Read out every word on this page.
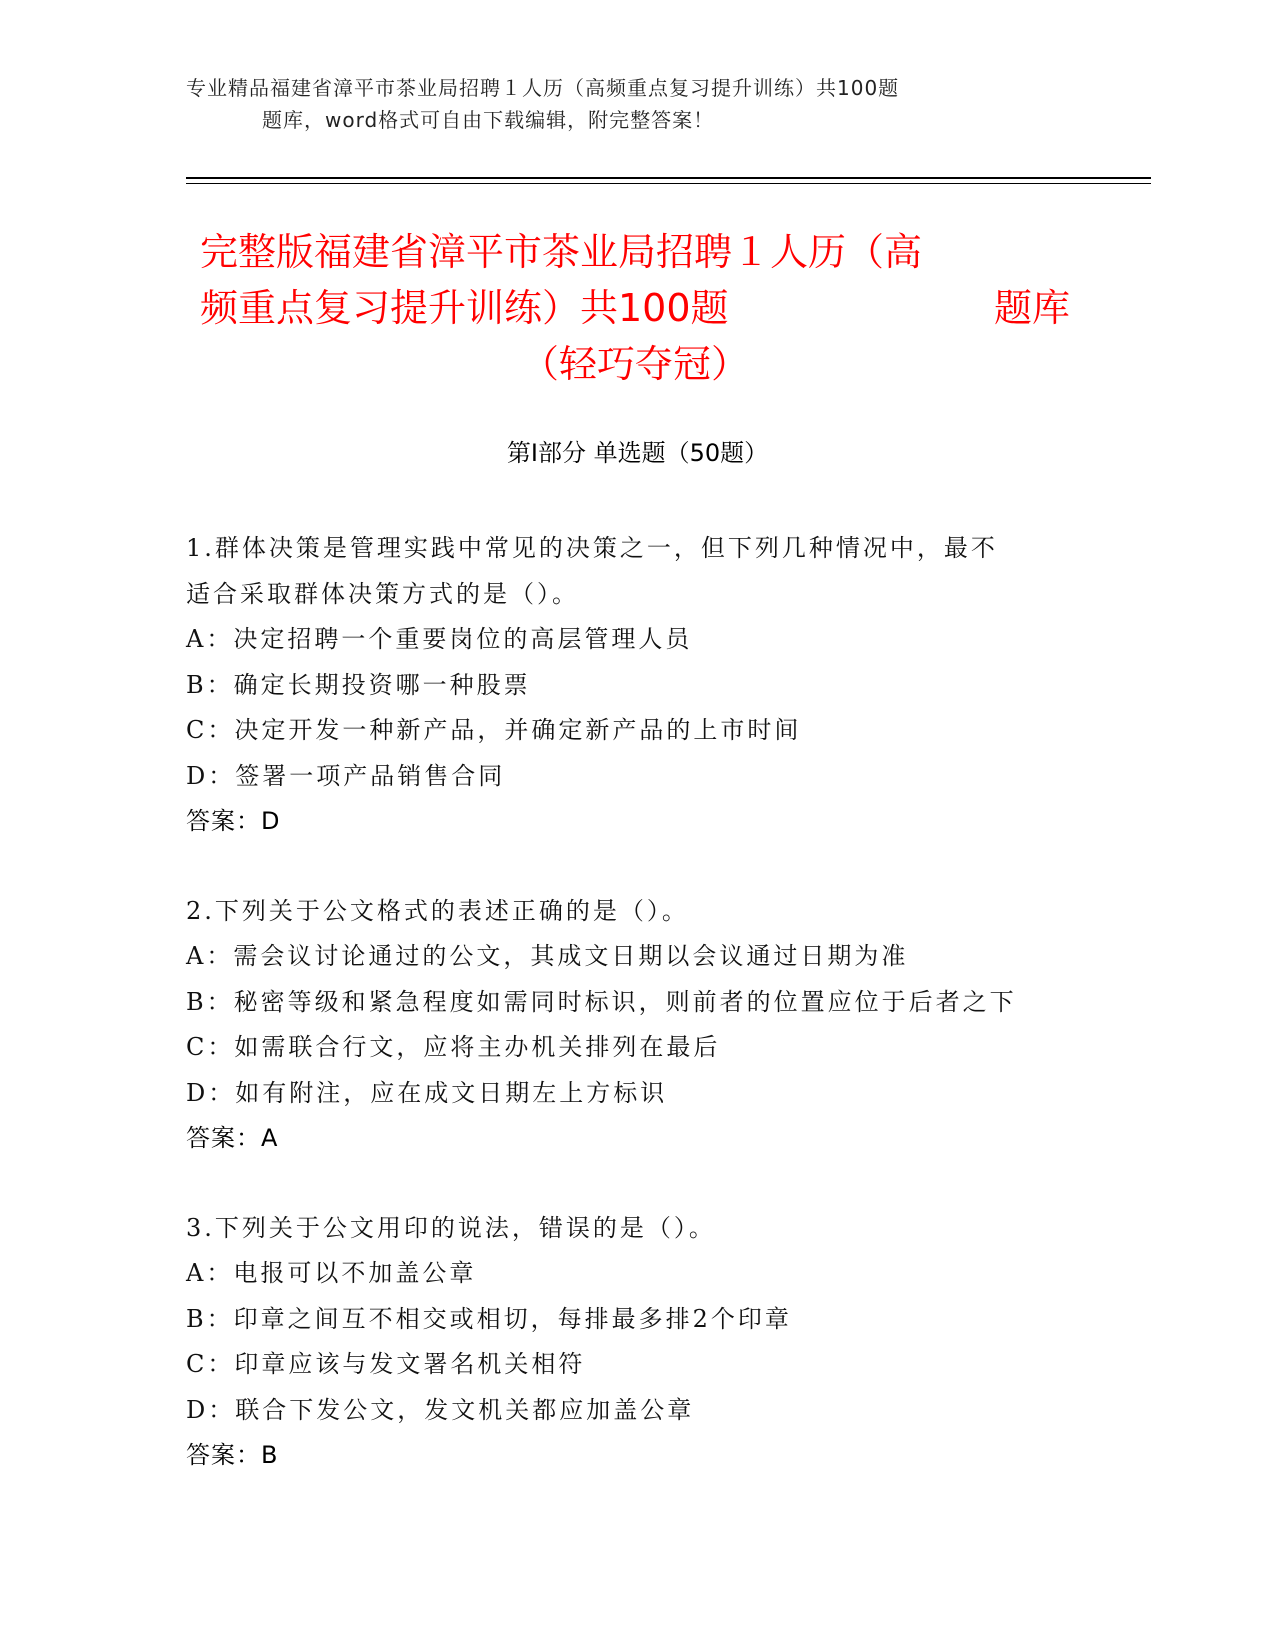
专业精品福建省漳平市茶业局招聘１人历（高频重点复习提升训练）共100题
题库，word格式可自由下载编辑，附完整答案！
完整版福建省漳平市茶业局招聘１人历（高
频重点复习提升训练）共100题	题库
（轻巧夺冠）
第Ⅰ部分 单选题（50题）
1.群体决策是管理实践中常见的决策之一，但下列几种情况中，最不
适合采取群体决策方式的是（）。
A：决定招聘一个重要岗位的高层管理人员
B：确定长期投资哪一种股票
C：决定开发一种新产品，并确定新产品的上市时间
D：签署一项产品销售合同
答案：D
2.下列关于公文格式的表述正确的是（）。
A：需会议讨论通过的公文，其成文日期以会议通过日期为准
B：秘密等级和紧急程度如需同时标识，则前者的位置应位于后者之下
C：如需联合行文，应将主办机关排列在最后
D：如有附注，应在成文日期左上方标识
答案：A
3.下列关于公文用印的说法，错误的是（）。
A：电报可以不加盖公章
B：印章之间互不相交或相切，每排最多排2个印章
C：印章应该与发文署名机关相符
D：联合下发公文，发文机关都应加盖公章
答案：B
